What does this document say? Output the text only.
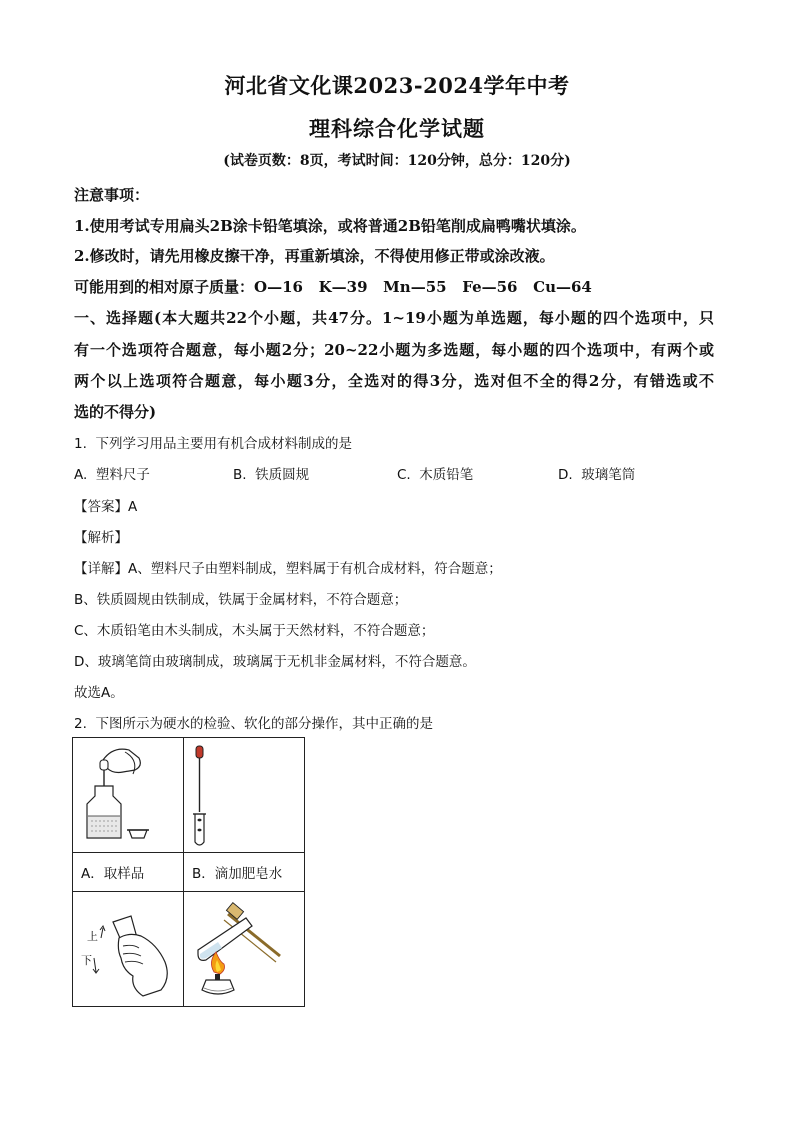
河北省文化课2023-2024学年中考
理科综合化学试题
(试卷页数：8页，考试时间：120分钟，总分：120分)
注意事项：
1.使用考试专用扁头2B涂卡铅笔填涂，或将普通2B铅笔削成扁鸭嘴状填涂。
2.修改时，请先用橡皮擦干净，再重新填涂，不得使用修正带或涂改液。
可能用到的相对原子质量：O—16   K—39   Mn—55   Fe—56   Cu—64
一、选择题(本大题共22个小题，共47分。1~19小题为单选题，每小题的四个选项中，只
有一个选项符合题意，每小题2分；20~22小题为多选题，每小题的四个选项中，有两个或
两个以上选项符合题意，每小题3分，全选对的得3分，选对但不全的得2分，有错选或不
选的不得分)
1.  下列学习用品主要用有机合成材料制成的是
A.  塑料尺子	B.  铁质圆规	C.  木质铅笔	D.  玻璃笔筒
【答案】A
【解析】
【详解】A、塑料尺子由塑料制成，塑料属于有机合成材料，符合题意；
B、铁质圆规由铁制成，铁属于金属材料，不符合题意；
C、木质铅笔由木头制成，木头属于天然材料，不符合题意；
D、玻璃笔筒由玻璃制成，玻璃属于无机非金属材料，不符合题意。
故选A。
2.  下图所示为硬水的检验、软化的部分操作，其中正确的是

A．取样品	B．滴加肥皂水

上
下
